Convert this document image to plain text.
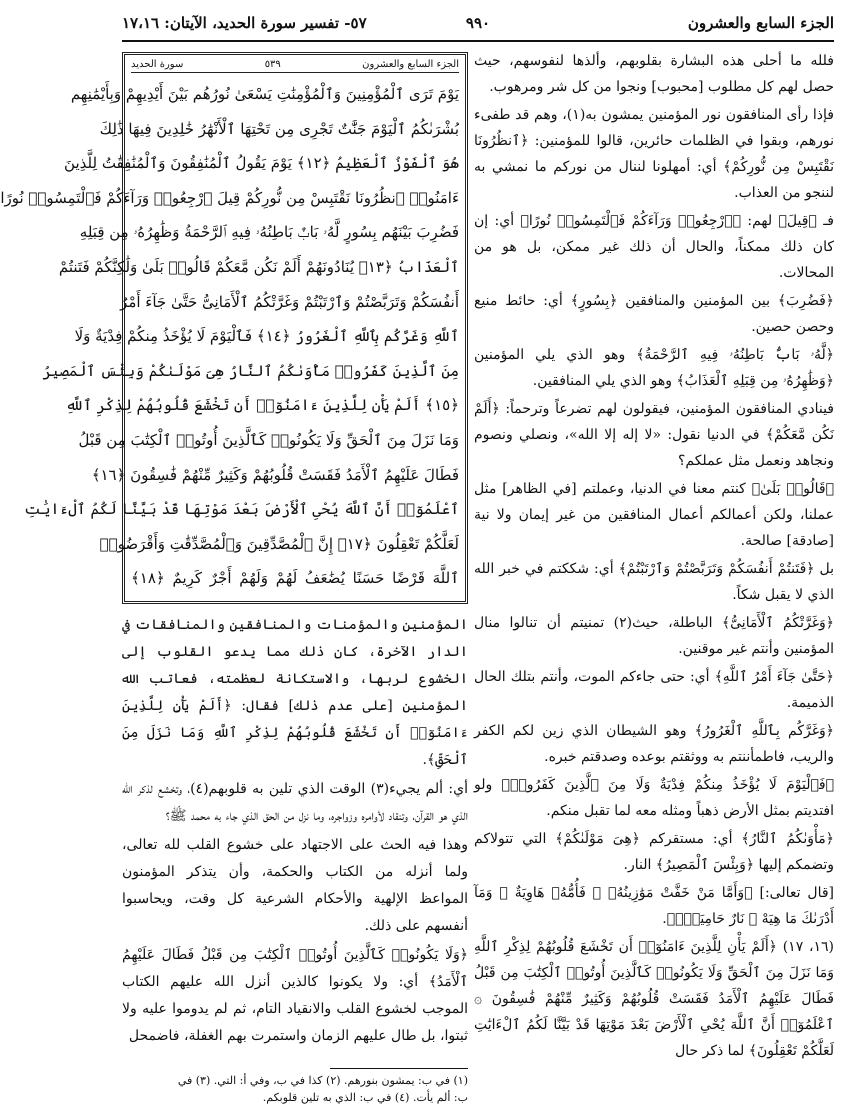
الجزء السابع والعشرون
٩٩٠
٥٧- تفسير سورة الحديد، الآيتان: ١٧،١٦

فلله ما أحلى هذه البشارة بقلوبهم، وألذها لنفوسهم، حيث حصل لهم كل مطلوب [محبوب] ونجوا من كل شر ومرهوب.

فإذا رأى المنافقون نور المؤمنين يمشون به(١)، وهم قد طفىء نورهم، وبقوا في الظلمات حائرين، قالوا للمؤمنين: ﴿ٱنظُرُونَا نَقْتَبِسْ مِن نُّورِكُمْ﴾ أي: أمهلونا لننال من نوركم ما نمشي به لننجو من العذاب.

فـ ﴿قِيلَ﴾ لهم: ﴿ٱرْجِعُوا۟ وَرَآءَكُمْ فَٱلْتَمِسُوا۟ نُورًا﴾ أي: إن كان ذلك ممكناً، والحال أن ذلك غير ممكن، بل هو من المحالات.

﴿فَضُرِبَ﴾ بين المؤمنين والمنافقين ﴿بِسُورٍ﴾ أي: حائط منيع وحصن حصين.

﴿لَّهُۥ بَابٌۢ بَاطِنُهُۥ فِيهِ ٱلرَّحْمَةُ﴾ وهو الذي يلي المؤمنين ﴿وَظَٰهِرُهُۥ مِن قِبَلِهِ ٱلْعَذَابُ﴾ وهو الذي يلي المنافقين.

فينادي المنافقون المؤمنين، فيقولون لهم تضرعاً وترحماً: ﴿أَلَمْ نَكُن مَّعَكُمْ﴾ في الدنيا نقول: «لا إله إلا الله»، ونصلي ونصوم ونجاهد ونعمل مثل عملكم؟

﴿قَالُوا۟ بَلَىٰ﴾ كنتم معنا في الدنيا، وعملتم [في الظاهر] مثل عملنا، ولكن أعمالكم أعمال المنافقين من غير إيمان ولا نية [صادقة] صالحة.

بل ﴿فَتَنتُمْ أَنفُسَكُمْ وَتَرَبَّصْتُمْ وَٱرْتَبْتُمْ﴾ أي: شككتم في خبر الله الذي لا يقبل شكاً.

﴿وَغَرَّتْكُمُ ٱلْأَمَانِىُّ﴾ الباطلة، حيث(٢) تمنيتم أن تنالوا منال المؤمنين وأنتم غير موقنين.

﴿حَتَّىٰ جَآءَ أَمْرُ ٱللَّهِ﴾ أي: حتى جاءكم الموت، وأنتم بتلك الحال الذميمة.

﴿وَغَرَّكُم بِٱللَّهِ ٱلْغَرُورُ﴾ وهو الشيطان الذي زين لكم الكفر والريب، فاطمأننتم به ووثقتم بوعده وصدقتم خبره.

﴿فَٱلْيَوْمَ لَا يُؤْخَذُ مِنكُمْ فِدْيَةٌ وَلَا مِنَ ٱلَّذِينَ كَفَرُوا۟﴾ ولو افتديتم بمثل الأرض ذهباً ومثله معه لما تقبل منكم.

﴿مَأْوَىٰكُمُ ٱلنَّارُ﴾ أي: مستقركم ﴿هِىَ مَوْلَىٰكُمْ﴾ التي تتولاكم وتضمكم إليها ﴿وَبِئْسَ ٱلْمَصِيرُ﴾ النار.

[قال تعالى:] ﴿وَأَمَّا مَنْ خَفَّتْ مَوَٰزِينُهُۥ ۞ فَأُمُّهُۥ هَاوِيَةٌ ۞ وَمَآ أَدْرَىٰكَ مَا هِيَهْ ۞ نَارٌ حَامِيَةٌۢ﴾.

(١٦، ١٧) ﴿أَلَمْ يَأْنِ لِلَّذِينَ ءَامَنُوٓا۟ أَن تَخْشَعَ قُلُوبُهُمْ لِذِكْرِ ٱللَّهِ وَمَا نَزَلَ مِنَ ٱلْحَقِّ وَلَا يَكُونُوا۟ كَٱلَّذِينَ أُوتُوا۟ ٱلْكِتَٰبَ مِن قَبْلُ فَطَالَ عَلَيْهِمُ ٱلْأَمَدُ فَقَسَتْ قُلُوبُهُمْ وَكَثِيرٌ مِّنْهُمْ فَٰسِقُونَ ۞ ٱعْلَمُوٓا۟ أَنَّ ٱللَّهَ يُحْىِ ٱلْأَرْضَ بَعْدَ مَوْتِهَا قَدْ بَيَّنَّا لَكُمُ ٱلْءَايَٰتِ لَعَلَّكُمْ تَعْقِلُونَ﴾ لما ذكر حال

الجزء السابع والعشرون
٥٣٩
سورة الحديد
يَوْمَ تَرَى ٱلْمُؤْمِنِينَ وَٱلْمُؤْمِنَٰتِ يَسْعَىٰ نُورُهُم بَيْنَ أَيْدِيهِمْ وَبِأَيْمَٰنِهِم
بُشْرَىٰكُمُ ٱلْيَوْمَ جَنَّٰتٌ تَجْرِى مِن تَحْتِهَا ٱلْأَنْهَٰرُ خَٰلِدِينَ فِيهَا ذَٰلِكَ
هُوَ ٱلْفَوْزُ ٱلْعَظِيمُ ﴿١٢﴾ يَوْمَ يَقُولُ ٱلْمُنَٰفِقُونَ وَٱلْمُنَٰفِقَٰتُ لِلَّذِينَ
ءَامَنُوا۟ ٱنظُرُونَا نَقْتَبِسْ مِن نُّورِكُمْ قِيلَ ٱرْجِعُوا۟ وَرَآءَكُمْ فَٱلْتَمِسُوا۟ نُورًا
فَضُرِبَ بَيْنَهُم بِسُورٍ لَّهُۥ بَابٌۢ بَاطِنُهُۥ فِيهِ ٱلرَّحْمَةُ وَظَٰهِرُهُۥ مِن قِبَلِهِ
ٱلْعَذَابُ ﴿١٣﴾ يُنَادُونَهُمْ أَلَمْ نَكُن مَّعَكُمْ قَالُوا۟ بَلَىٰ وَلَٰكِنَّكُمْ فَتَنتُمْ
أَنفُسَكُمْ وَتَرَبَّصْتُمْ وَٱرْتَبْتُمْ وَغَرَّتْكُمُ ٱلْأَمَانِىُّ حَتَّىٰ جَآءَ أَمْرُ
ٱللَّهِ وَغَرَّكُم بِٱللَّهِ ٱلْغَرُورُ ﴿١٤﴾ فَٱلْيَوْمَ لَا يُؤْخَذُ مِنكُمْ فِدْيَةٌ وَلَا
مِنَ ٱلَّذِينَ كَفَرُوا۟ مَأْوَىٰكُمُ ٱلنَّارُ هِىَ مَوْلَىٰكُمْ وَبِئْسَ ٱلْمَصِيرُ
﴿١٥﴾ أَلَمْ يَأْنِ لِلَّذِينَ ءَامَنُوٓا۟ أَن تَخْشَعَ قُلُوبُهُمْ لِذِكْرِ ٱللَّهِ
وَمَا نَزَلَ مِنَ ٱلْحَقِّ وَلَا يَكُونُوا۟ كَٱلَّذِينَ أُوتُوا۟ ٱلْكِتَٰبَ مِن قَبْلُ
فَطَالَ عَلَيْهِمُ ٱلْأَمَدُ فَقَسَتْ قُلُوبُهُمْ وَكَثِيرٌ مِّنْهُمْ فَٰسِقُونَ ﴿١٦﴾
ٱعْلَمُوٓا۟ أَنَّ ٱللَّهَ يُحْىِ ٱلْأَرْضَ بَعْدَ مَوْتِهَا قَدْ بَيَّنَّا لَكُمُ ٱلْءَايَٰتِ
لَعَلَّكُمْ تَعْقِلُونَ ﴿١٧﴾ إِنَّ ٱلْمُصَّدِّقِينَ وَٱلْمُصَّدِّقَٰتِ وَأَقْرَضُوا۟
ٱللَّهَ قَرْضًا حَسَنًا يُضَٰعَفُ لَهُمْ وَلَهُمْ أَجْرٌ كَرِيمٌ ﴿١٨﴾

المؤمنين والمؤمنات والمنافقين والمنافقات في الدار الآخرة، كان ذلك مما يدعو القلوب إلى الخشوع لربها، والاستكانة لعظمته، فعاتب الله المؤمنين [على عدم ذلك] فقال: ﴿أَلَمْ يَأْنِ لِلَّذِينَ ءَامَنُوٓا۟ أَن تَخْشَعَ قُلُوبُهُمْ لِذِكْرِ ٱللَّهِ وَمَا نَزَلَ مِنَ ٱلْحَقِّ﴾.

أي: ألم يجيء(٣) الوقت الذي تلين به قلوبهم(٤)، وتخشع لذكر الله الذي هو القرآن، وتنقاد لأوامره وزواجره، وما نزل من الحق الذي جاء به محمد ﷺ؟

وهذا فيه الحث على الاجتهاد على خشوع القلب لله تعالى، ولما أنزله من الكتاب والحكمة، وأن يتذكر المؤمنون المواعظ الإلهية والأحكام الشرعية كل وقت، ويحاسبوا أنفسهم على ذلك.

﴿وَلَا يَكُونُوا۟ كَٱلَّذِينَ أُوتُوا۟ ٱلْكِتَٰبَ مِن قَبْلُ فَطَالَ عَلَيْهِمُ ٱلْأَمَدُ﴾ أي: ولا يكونوا كالذين أنزل الله عليهم الكتاب الموجب لخشوع القلب والانقياد التام، ثم لم يدوموا عليه ولا ثبتوا، بل طال عليهم الزمان واستمرت بهم الغفلة، فاضمحل

(١) في ب: يمشون بنورهم. (٢) كذا في ب، وفي أ: التي. (٣) في
ب: ألم يأت. (٤) في ب: الذي به تلين قلوبكم.
